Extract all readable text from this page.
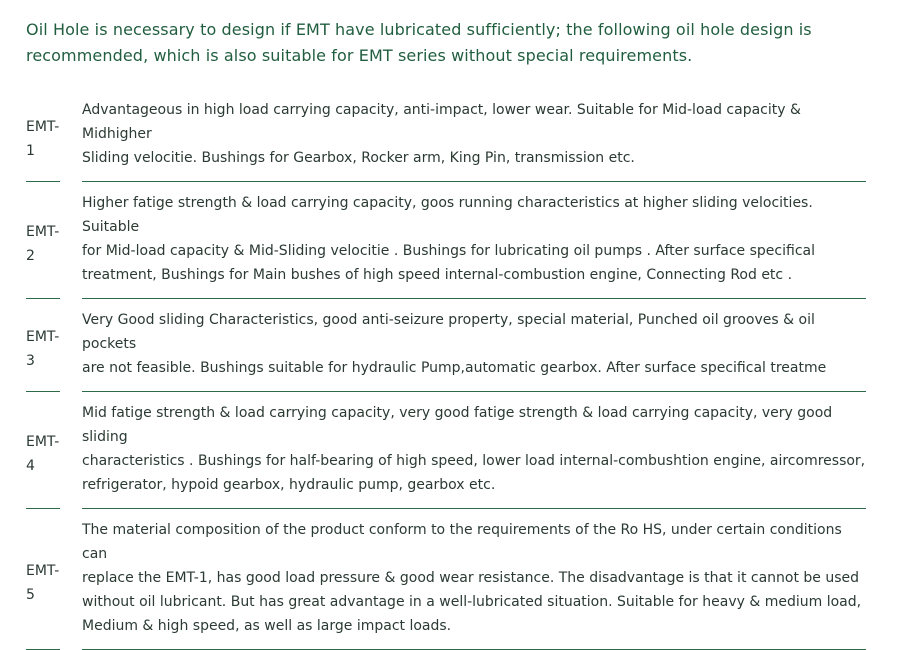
Oil Hole is necessary to design if EMT have lubricated sufficiently; the following oil hole design is
recommended, which is also suitable for EMT series without special requirements.
EMT-
1
Advantageous in high load carrying capacity, anti-impact, lower wear. Suitable for Mid-load capacity & Midhigher
Sliding velocitie. Bushings for Gearbox, Rocker arm, King Pin, transmission etc.
EMT-
2
Higher fatige strength & load carrying capacity, goos running characteristics at higher sliding velocities. Suitable
for Mid-load capacity & Mid-Sliding velocitie . Bushings for lubricating oil pumps . After surface specifical
treatment, Bushings for Main bushes of high speed internal-combustion engine, Connecting Rod etc .
EMT-
3
Very Good sliding Characteristics, good anti-seizure property, special material, Punched oil grooves & oil pockets
are not feasible. Bushings suitable for hydraulic Pump,automatic gearbox. After surface specifical treatme
EMT-
4
Mid fatige strength & load carrying capacity, very good fatige strength & load carrying capacity, very good sliding
characteristics . Bushings for half-bearing of high speed, lower load internal-combushtion engine, aircomressor,
refrigerator, hypoid gearbox, hydraulic pump, gearbox etc.
EMT-
5
The material composition of the product conform to the requirements of the Ro HS, under certain conditions can
replace the EMT-1, has good load pressure & good wear resistance. The disadvantage is that it cannot be used
without oil lubricant. But has great advantage in a well-lubricated situation. Suitable for heavy & medium load,
Medium & high speed, as well as large impact loads.
